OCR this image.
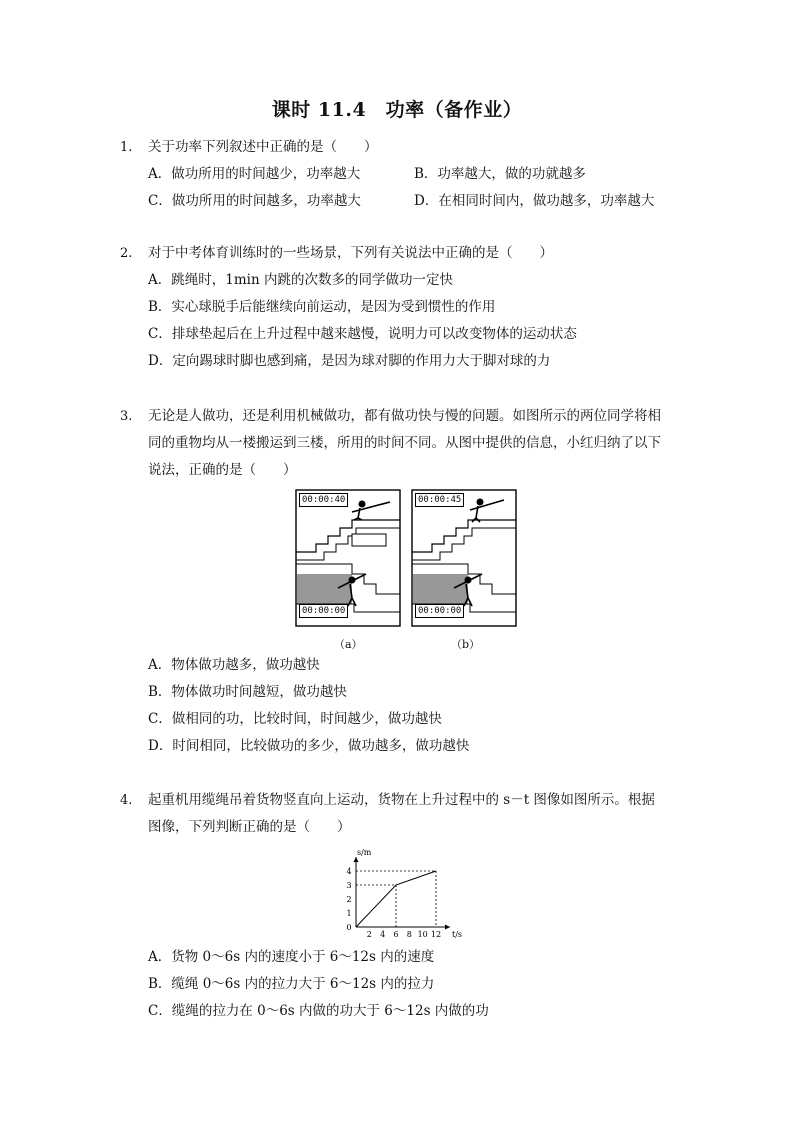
课时 11.4　功率（备作业）
1.	关于功率下列叙述中正确的是（　　）
A．做功所用的时间越少，功率越大	B．功率越大，做的功就越多
C．做功所用的时间越多，功率越大	D．在相同时间内，做功越多，功率越大
2.	对于中考体育训练时的一些场景，下列有关说法中正确的是（　　）
A．跳绳时，1min 内跳的次数多的同学做功一定快
B．实心球脱手后能继续向前运动，是因为受到惯性的作用
C．排球垫起后在上升过程中越来越慢，说明力可以改变物体的运动状态
D．定向踢球时脚也感到痛，是因为球对脚的作用力大于脚对球的力
3.	无论是人做功，还是利用机械做功，都有做功快与慢的问题。如图所示的两位同学将相
同的重物均从一楼搬运到三楼，所用的时间不同。从图中提供的信息，小红归纳了以下
说法，正确的是（　　）
00:00:40
00:00:00
00:00:45
00:00:00
（a）	（b）
A．物体做功越多，做功越快
B．物体做功时间越短，做功越快
C．做相同的功，比较时间，时间越少，做功越快
D．时间相同，比较做功的多少，做功越多，做功越快
4.	起重机用缆绳吊着货物竖直向上运动，货物在上升过程中的 s－t 图像如图所示。根据
图像，下列判断正确的是（　　）
s/m
t/s
0
1
2
3
4
2 4 6 8 10 12
A．货物 0～6s 内的速度小于 6～12s 内的速度
B．缆绳 0～6s 内的拉力大于 6～12s 内的拉力
C．缆绳的拉力在 0～6s 内做的功大于 6～12s 内做的功
